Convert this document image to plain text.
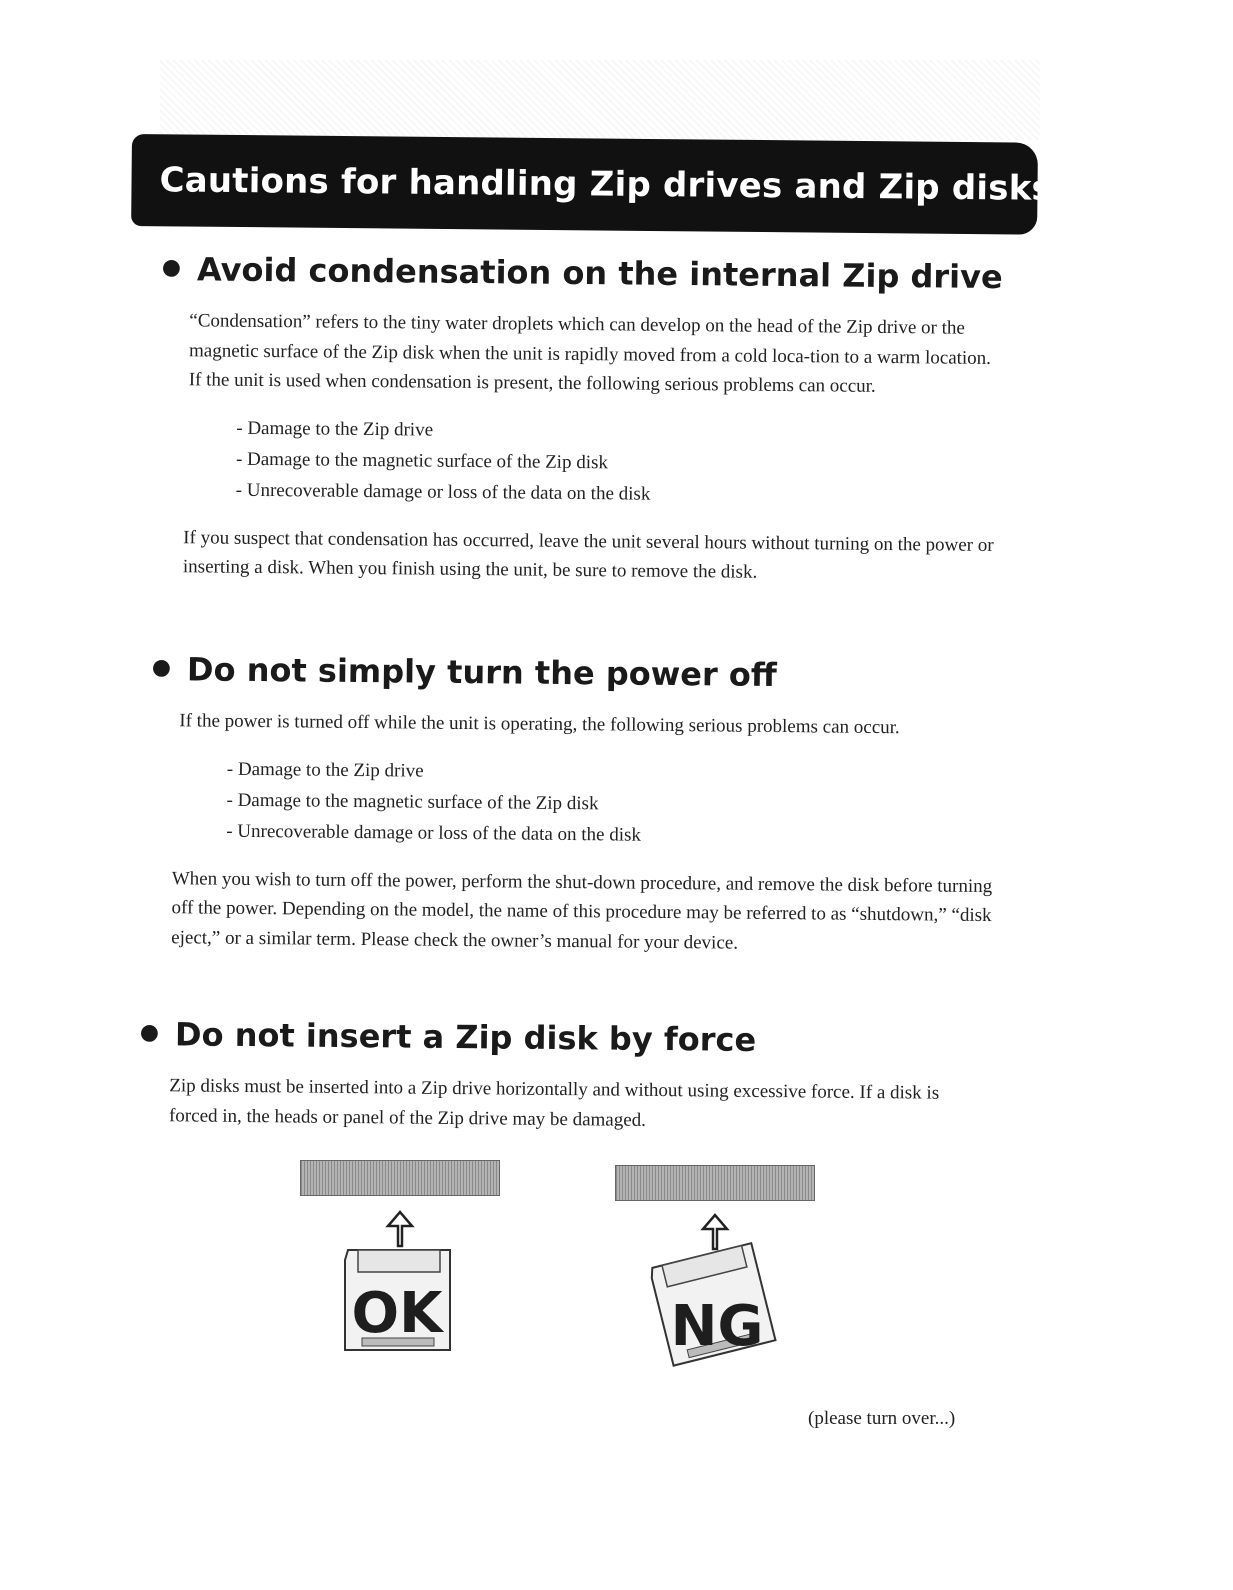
Cautions for handling Zip drives and Zip disks
● Avoid condensation on the internal Zip drive

“Condensation” refers to the tiny water droplets which can develop on the head of the Zip drive or the magnetic surface of the Zip disk when the unit is rapidly moved from a cold loca-tion to a warm location. If the unit is used when condensation is present, the following serious problems can occur.

- Damage to the Zip drive
- Damage to the magnetic surface of the Zip disk
- Unrecoverable damage or loss of the data on the disk

If you suspect that condensation has occurred, leave the unit several hours without turning on the power or inserting a disk. When you finish using the unit, be sure to remove the disk.

● Do not simply turn the power off

If the power is turned off while the unit is operating, the following serious problems can occur.

- Damage to the Zip drive
- Damage to the magnetic surface of the Zip disk
- Unrecoverable damage or loss of the data on the disk

When you wish to turn off the power, perform the shut-down procedure, and remove the disk before turning off the power. Depending on the model, the name of this procedure may be referred to as “shutdown,” “disk eject,” or a similar term. Please check the owner’s manual for your device.

● Do not insert a Zip disk by force

Zip disks must be inserted into a Zip drive horizontally and without using excessive force. If a disk is forced in, the heads or panel of the Zip drive may be damaged.

OK	NG
(please turn over...)
